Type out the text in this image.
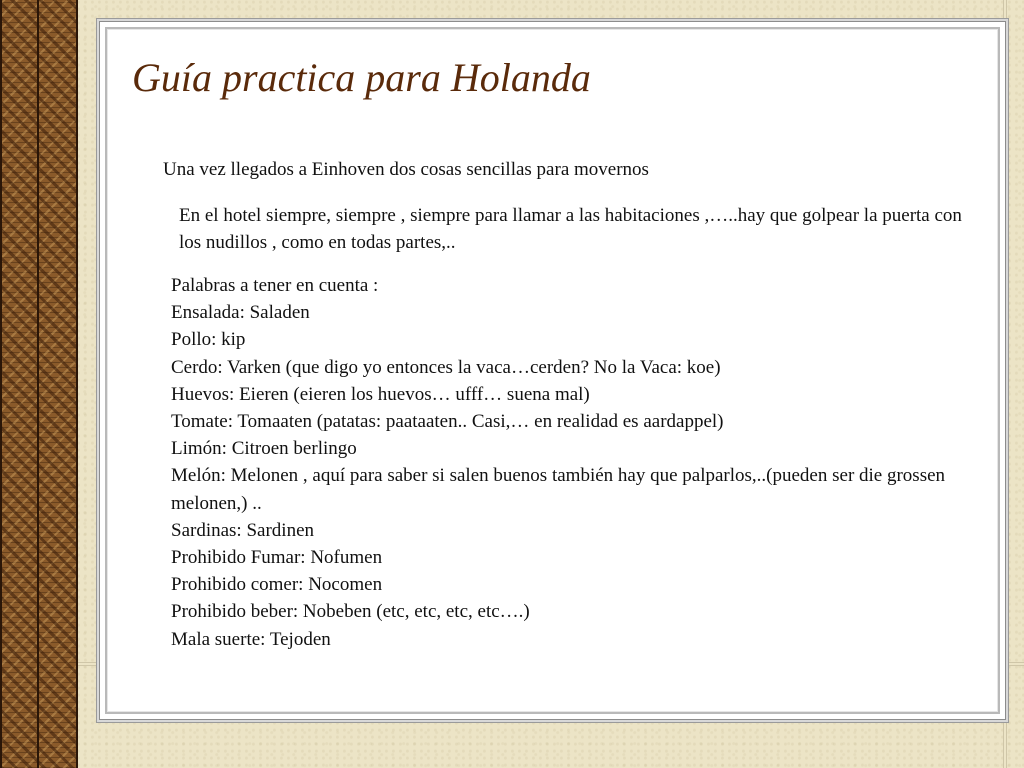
Guía practica para Holanda
Una vez llegados a Einhoven dos cosas sencillas para movernos
En el hotel siempre, siempre , siempre para llamar a las habitaciones ,…..hay que golpear la puerta con los nudillos , como en todas partes,..
Palabras a tener en cuenta :
Ensalada: Saladen
Pollo: kip
Cerdo: Varken (que digo yo entonces la vaca…cerden? No la Vaca: koe)
Huevos: Eieren (eieren los huevos… ufff… suena mal)
Tomate: Tomaaten (patatas: paataaten.. Casi,… en realidad es aardappel)
Limón: Citroen berlingo
Melón: Melonen , aquí para saber si salen buenos también hay que palparlos,..(pueden ser die grossen melonen,) ..
Sardinas: Sardinen
Prohibido Fumar: Nofumen
Prohibido comer: Nocomen
Prohibido beber: Nobeben (etc, etc, etc, etc….)
Mala suerte: Tejoden
